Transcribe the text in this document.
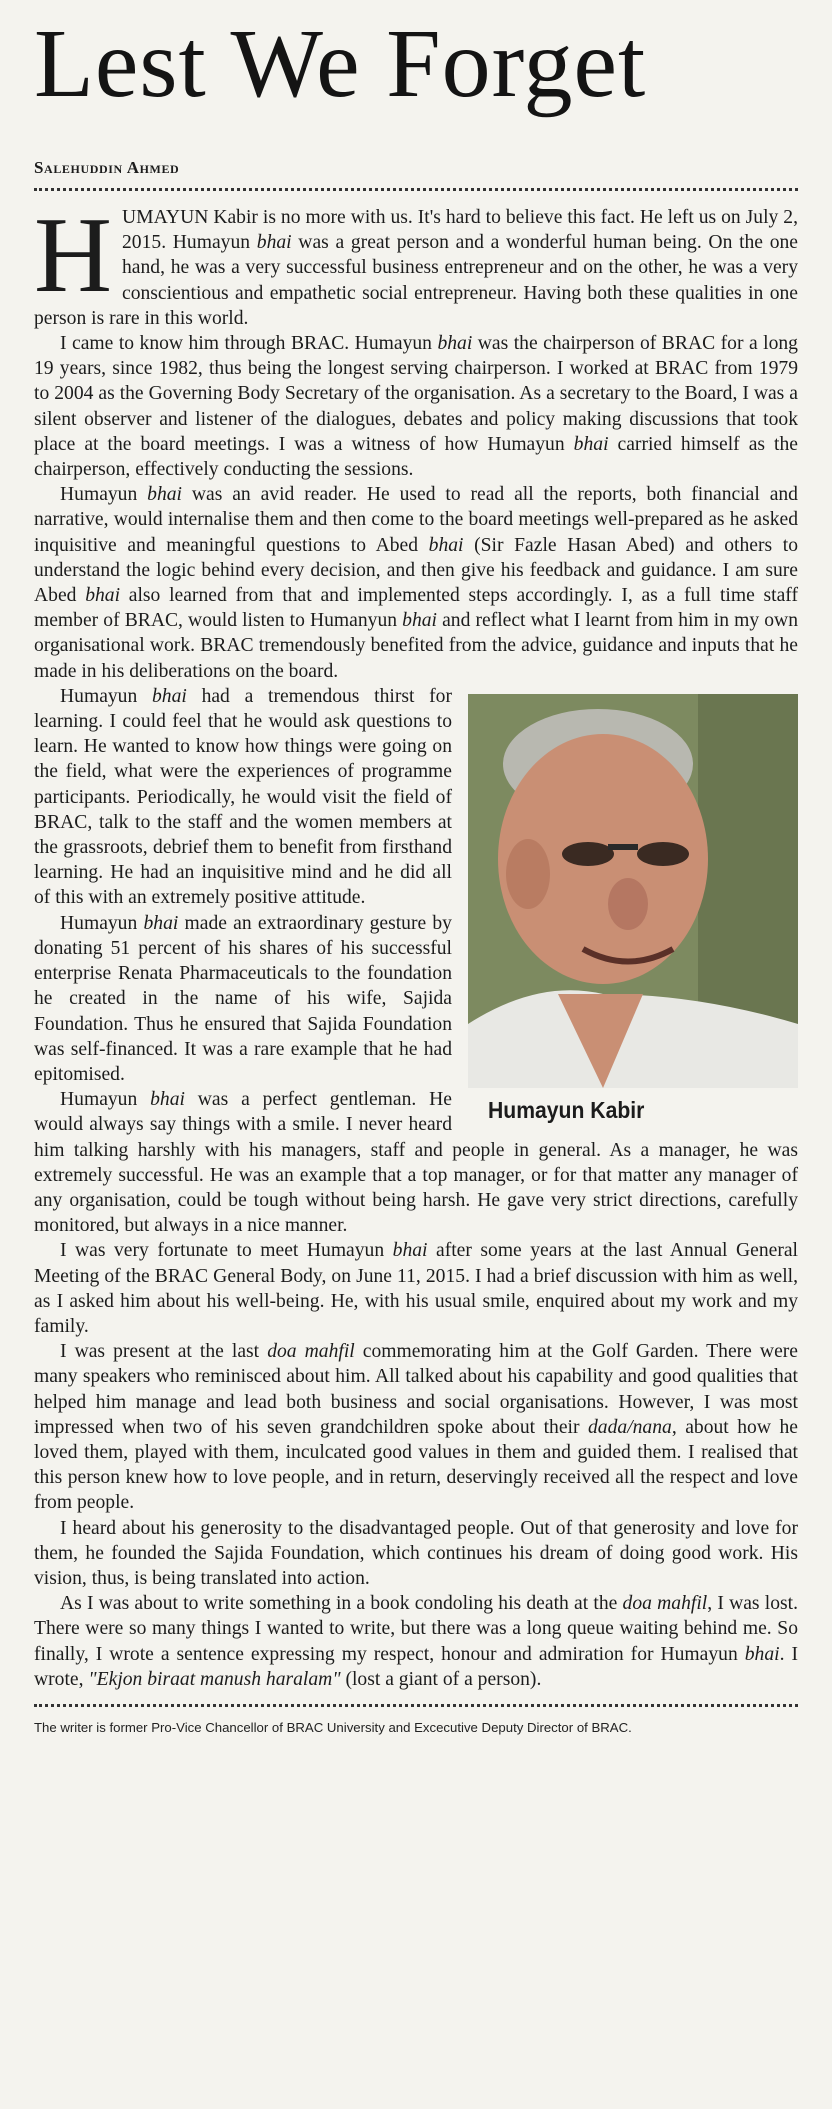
Lest We Forget
Salehuddin Ahmed

HUMAYUN Kabir is no more with us. It's hard to believe this fact. He left us on July 2, 2015. Humayun bhai was a great person and a wonderful human being. On the one hand, he was a very successful business entrepreneur and on the other, he was a very conscientious and empathetic social entrepreneur. Having both these qualities in one person is rare in this world.

I came to know him through BRAC. Humayun bhai was the chairperson of BRAC for a long 19 years, since 1982, thus being the longest serving chairperson. I worked at BRAC from 1979 to 2004 as the Governing Body Secretary of the organisation. As a secretary to the Board, I was a silent observer and listener of the dialogues, debates and policy making discussions that took place at the board meetings. I was a witness of how Humayun bhai carried himself as the chairperson, effectively conducting the sessions.

Humayun bhai was an avid reader. He used to read all the reports, both financial and narrative, would internalise them and then come to the board meetings well-prepared as he asked inquisitive and meaningful questions to Abed bhai (Sir Fazle Hasan Abed) and others to understand the logic behind every decision, and then give his feedback and guidance. I am sure Abed bhai also learned from that and implemented steps accordingly. I, as a full time staff member of BRAC, would listen to Humanyun bhai and reflect what I learnt from him in my own organisational work. BRAC tremendously benefited from the advice, guidance and inputs that he made in his deliberations on the board.

Humayun Kabir

Humayun bhai had a tremendous thirst for learning. I could feel that he would ask questions to learn. He wanted to know how things were going on the field, what were the experiences of programme participants. Periodically, he would visit the field of BRAC, talk to the staff and the women members at the grassroots, debrief them to benefit from firsthand learning. He had an inquisitive mind and he did all of this with an extremely positive attitude.

Humayun bhai made an extraordinary gesture by donating 51 percent of his shares of his successful enterprise Renata Pharmaceuticals to the foundation he created in the name of his wife, Sajida Foundation. Thus he ensured that Sajida Foundation was self-financed. It was a rare example that he had epitomised.

Humayun bhai was a perfect gentleman. He would always say things with a smile. I never heard him talking harshly with his managers, staff and people in general. As a manager, he was extremely successful. He was an example that a top manager, or for that matter any manager of any organisation, could be tough without being harsh. He gave very strict directions, carefully monitored, but always in a nice manner.

I was very fortunate to meet Humayun bhai after some years at the last Annual General Meeting of the BRAC General Body, on June 11, 2015. I had a brief discussion with him as well, as I asked him about his well-being. He, with his usual smile, enquired about my work and my family.

I was present at the last doa mahfil commemorating him at the Golf Garden. There were many speakers who reminisced about him. All talked about his capability and good qualities that helped him manage and lead both business and social organisations. However, I was most impressed when two of his seven grandchildren spoke about their dada/nana, about how he loved them, played with them, inculcated good values in them and guided them. I realised that this person knew how to love people, and in return, deservingly received all the respect and love from people.

I heard about his generosity to the disadvantaged people. Out of that generosity and love for them, he founded the Sajida Foundation, which continues his dream of doing good work. His vision, thus, is being translated into action.

As I was about to write something in a book condoling his death at the doa mahfil, I was lost. There were so many things I wanted to write, but there was a long queue waiting behind me. So finally, I wrote a sentence expressing my respect, honour and admiration for Humayun bhai. I wrote, "Ekjon biraat manush haralam" (lost a giant of a person).

The writer is former Pro-Vice Chancellor of BRAC University and Excecutive Deputy Director of BRAC.
